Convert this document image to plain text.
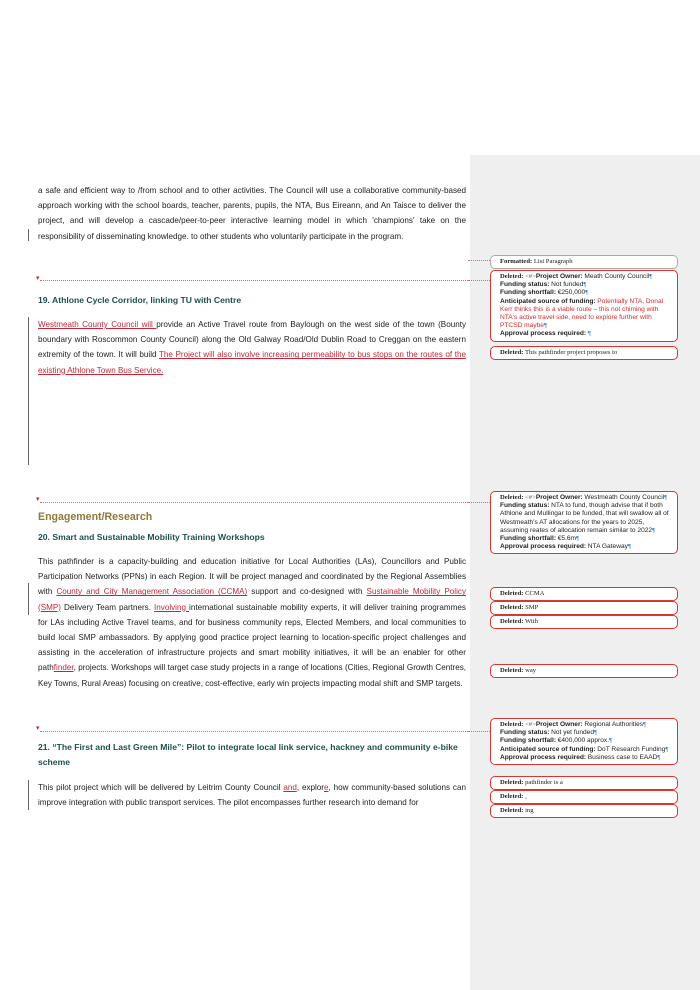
a safe and efficient way to /from school and to other activities. The Council will use a collaborative community-based approach working with the school boards, teacher, parents, pupils, the NTA, Bus Eireann, and An Taisce to deliver the project, and will develop a cascade/peer-to-peer interactive learning model in which 'champions' take on the responsibility of disseminating knowledge. to other students who voluntarily participate in the program.
▾
19. Athlone Cycle Corridor, linking TU with Centre
Westmeath County Council will provide an Active Travel route from Baylough on the west side of the town (Bounty boundary with Roscommon County Council) along the Old Galway Road/Old Dublin Road to Creggan on the eastern extremity of the town. It will build The Project will also involve increasing permeability to bus stops on the routes of the existing Athlone Town Bus Service.
▾
Engagement/Research
20. Smart and Sustainable Mobility Training Workshops
This pathfinder is a capacity-building and education initiative for Local Authorities (LAs), Councillors and Public Participation Networks (PPNs) in each Region. It will be project managed and coordinated by the Regional Assemblies with County and City Management Association (CCMA) support and co-designed with Sustainable Mobility Policy (SMP) Delivery Team partners. Involving international sustainable mobility experts, it will deliver training programmes for LAs including Active Travel teams, and for business community reps, Elected Members, and local communities to build local SMP ambassadors. By applying good practice project learning to location-specific project challenges and assisting in the acceleration of infrastructure projects and smart mobility initiatives, it will be an enabler for other pathfinder, projects. Workshops will target case study projects in a range of locations (Cities, Regional Growth Centres, Key Towns, Rural Areas) focusing on creative, cost-effective, early win projects impacting modal shift and SMP targets.
▾
21. “The First and Last Green Mile”: Pilot to integrate local link service, hackney and community e-bike scheme
This pilot project which will be delivered by Leitrim County Council and, explore, how community-based solutions can improve integration with public transport services. The pilot encompasses further research into demand for
Formatted: List Paragraph
Deleted: <#>Project Owner: Meath County Council¶
Funding status: Not funded¶
Funding shortfall: €250,000¶
Anticipated source of funding: Potentially NTA, Donal Kerr thinks this is a viable route – this not chiming with NTA's active travel side, need to explore further with PTCSD maybe¶
Approval process required: ¶
Deleted: This pathfinder project proposes to
Deleted: <#>Project Owner: Westmeath County Council¶
Funding status: NTA to fund, though advise that if both Athlone and Mullingar to be funded, that will swallow all of Westmeath's AT allocations for the years to 2025, assuming reates of allocation remain similar to 2022¶
Funding shortfall: €5.6m¶
Approval process required: NTA Gateway¶
Deleted: CCMA
Deleted: SMP
Deleted: With
Deleted: way
Deleted: <#>Project Owner: Regional Authorities¶
Funding status: Not yet funded¶
Funding shortfall: €400,000 approx.¶
Anticipated source of funding: DoT Research Funding¶
Approval process required: Business case to EAAD¶
Deleted: pathfinder is a
Deleted: ,
Deleted: ing
